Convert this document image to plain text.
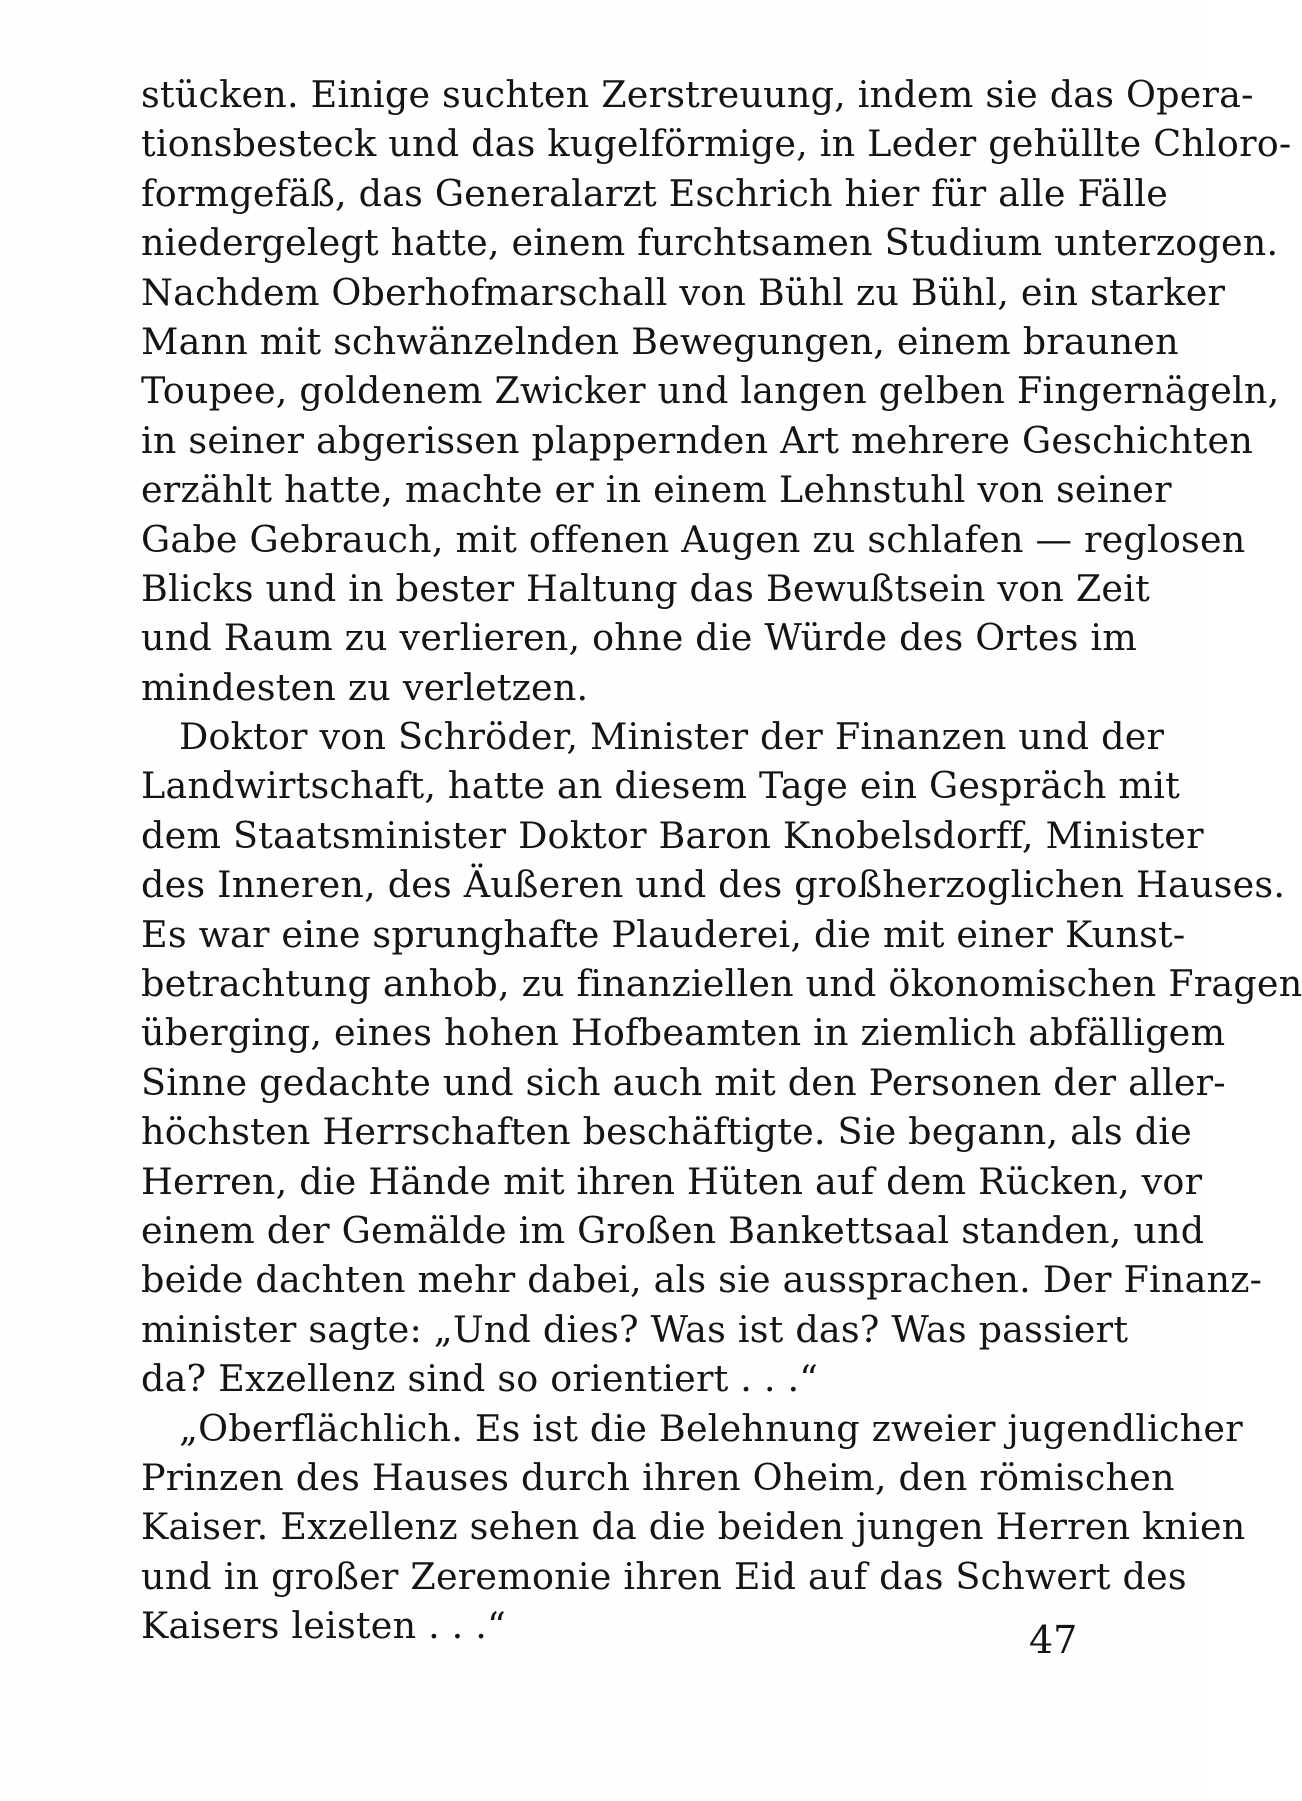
stücken. Einige suchten Zerstreuung, indem sie das Opera-
tionsbesteck und das kugelförmige, in Leder gehüllte Chloro-
formgefäß, das Generalarzt Eschrich hier für alle Fälle
niedergelegt hatte, einem furchtsamen Studium unterzogen.
Nachdem Oberhofmarschall von Bühl zu Bühl, ein starker
Mann mit schwänzelnden Bewegungen, einem braunen
Toupee, goldenem Zwicker und langen gelben Fingernägeln,
in seiner abgerissen plappernden Art mehrere Geschichten
erzählt hatte, machte er in einem Lehnstuhl von seiner
Gabe Gebrauch, mit offenen Augen zu schlafen — reglosen
Blicks und in bester Haltung das Bewußtsein von Zeit
und Raum zu verlieren, ohne die Würde des Ortes im
mindesten zu verletzen.
Doktor von Schröder, Minister der Finanzen und der
Landwirtschaft, hatte an diesem Tage ein Gespräch mit
dem Staatsminister Doktor Baron Knobelsdorff, Minister
des Inneren, des Äußeren und des großherzoglichen Hauses.
Es war eine sprunghafte Plauderei, die mit einer Kunst-
betrachtung anhob, zu finanziellen und ökonomischen Fragen
überging, eines hohen Hofbeamten in ziemlich abfälligem
Sinne gedachte und sich auch mit den Personen der aller-
höchsten Herrschaften beschäftigte. Sie begann, als die
Herren, die Hände mit ihren Hüten auf dem Rücken, vor
einem der Gemälde im Großen Bankettsaal standen, und
beide dachten mehr dabei, als sie aussprachen. Der Finanz-
minister sagte: „Und dies? Was ist das? Was passiert
da? Exzellenz sind so orientiert . . .“
„Oberflächlich. Es ist die Belehnung zweier jugendlicher
Prinzen des Hauses durch ihren Oheim, den römischen
Kaiser. Exzellenz sehen da die beiden jungen Herren knien
und in großer Zeremonie ihren Eid auf das Schwert des
Kaisers leisten . . .“	47
